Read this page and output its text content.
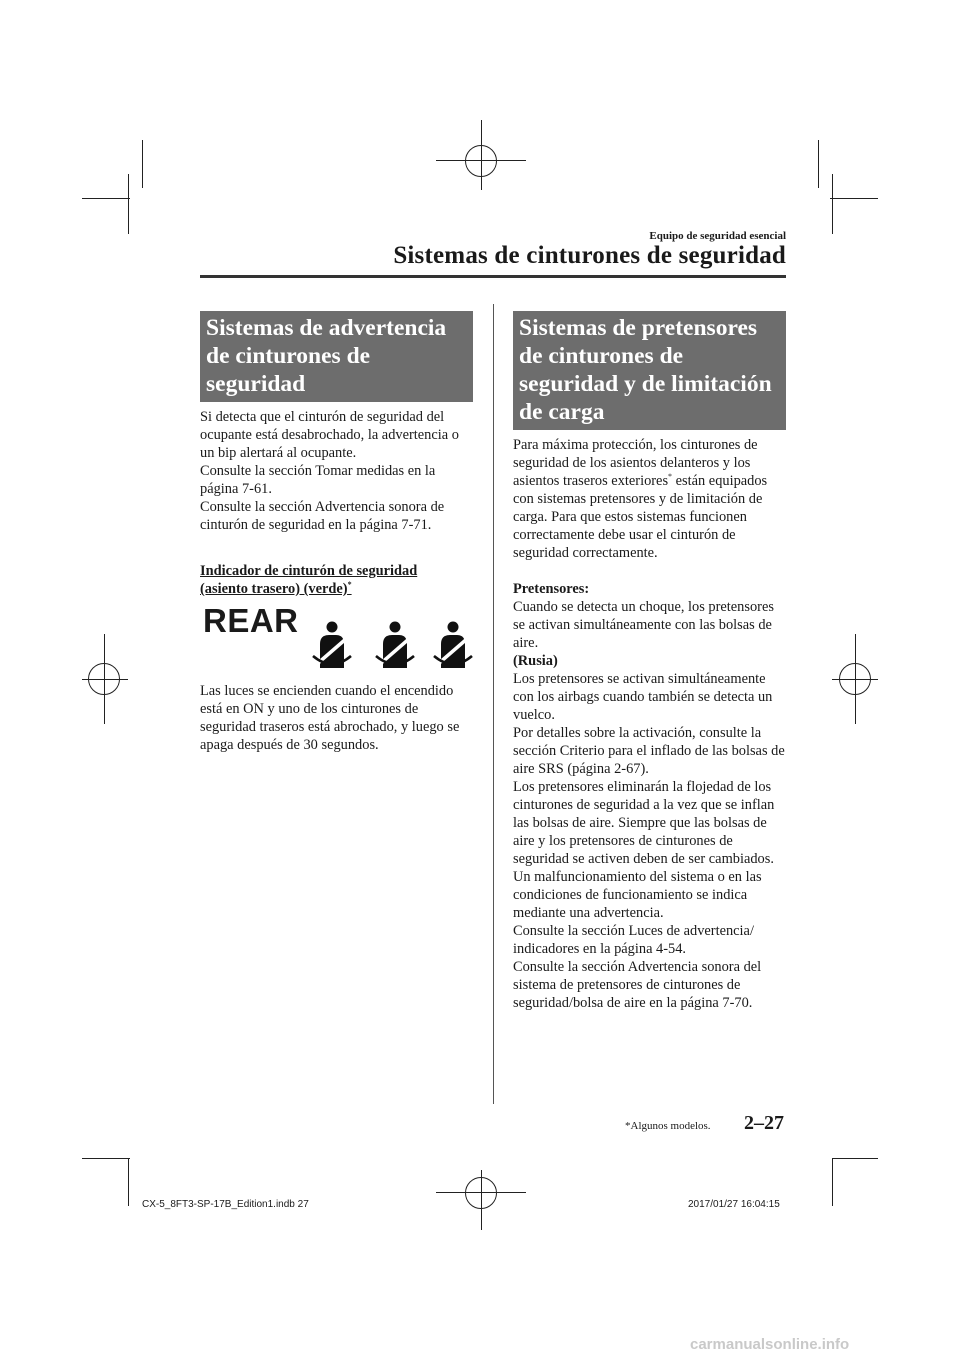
Equipo de seguridad esencial
Sistemas de cinturones de seguridad
Sistemas de advertencia de cinturones de seguridad

Si detecta que el cinturón de seguridad del ocupante está desabrochado, la advertencia o un bip alertará al ocupante.

Consulte la sección Tomar medidas en la página 7-61.

Consulte la sección Advertencia sonora de cinturón de seguridad en la página 7-71.

Indicador de cinturón de seguridad (asiento trasero) (verde)*
REAR

Las luces se encienden cuando el encendido está en ON y uno de los cinturones de seguridad traseros está abrochado, y luego se apaga después de 30 segundos.

Sistemas de pretensores de cinturones de seguridad y de limitación de carga

Para máxima protección, los cinturones de seguridad de los asientos delanteros y los asientos traseros exteriores* están equipados con sistemas pretensores y de limitación de carga. Para que estos sistemas funcionen correctamente debe usar el cinturón de seguridad correctamente.

Pretensores:

Cuando se detecta un choque, los pretensores se activan simultáneamente con las bolsas de aire.

(Rusia)

Los pretensores se activan simultáneamente con los airbags cuando también se detecta un vuelco.

Por detalles sobre la activación, consulte la sección Criterio para el inflado de las bolsas de aire SRS (página 2-67).

Los pretensores eliminarán la flojedad de los cinturones de seguridad a la vez que se inflan las bolsas de aire. Siempre que las bolsas de aire y los pretensores de cinturones de seguridad se activen deben de ser cambiados.

Un malfuncionamiento del sistema o en las condiciones de funcionamiento se indica mediante una advertencia.

Consulte la sección Luces de advertencia/ indicadores en la página 4-54.

Consulte la sección Advertencia sonora del sistema de pretensores de cinturones de seguridad/bolsa de aire en la página 7-70.

*Algunos modelos. 2–27
CX-5_8FT3-SP-17B_Edition1.indb 27	2017/01/27 16:04:15
carmanualsonline.info
